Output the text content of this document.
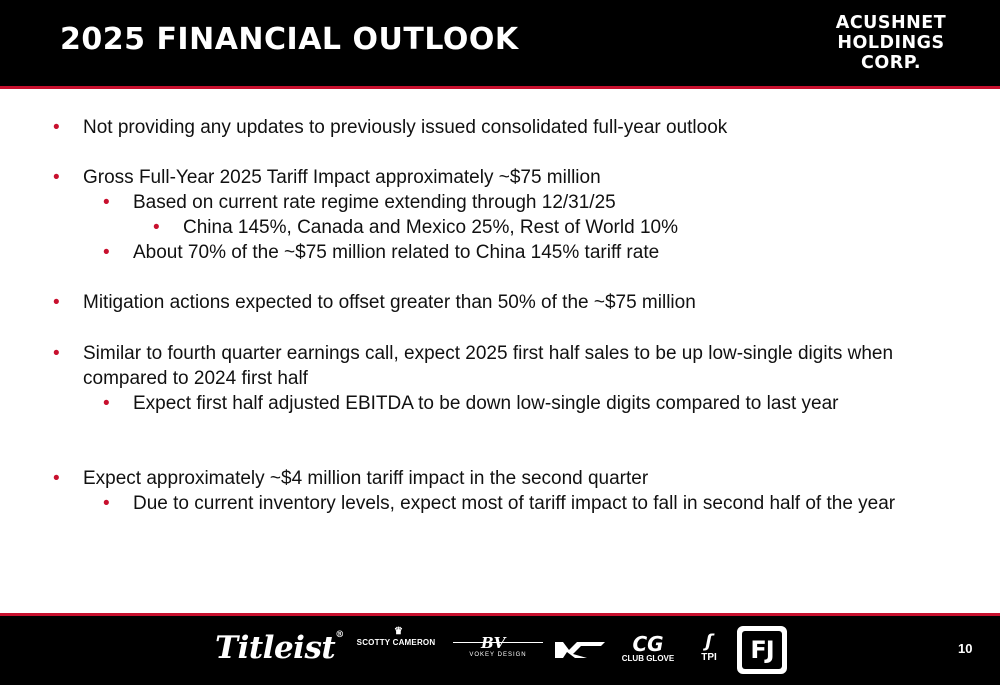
2025 FINANCIAL OUTLOOK	ACUSHNET
HOLDINGS
CORP.
• Not providing any updates to previously issued consolidated full-year outlook
• Gross Full-Year 2025 Tariff Impact approximately ~$75 million
• Based on current rate regime extending through 12/31/25
• China 145%, Canada and Mexico 25%, Rest of World 10%
• About 70% of the ~$75 million related to China 145% tariff rate
• Mitigation actions expected to offset greater than 50% of the ~$75 million
• Similar to fourth quarter earnings call, expect 2025 first half sales to be up low-single digits when compared to 2024 first half
• Expect first half adjusted EBITDA to be down low-single digits compared to last year
• Expect approximately ~$4 million tariff impact in the second quarter
• Due to current inventory levels, expect most of tariff impact to fall in second half of the year
Titleist®	♛
SCOTTY CAMERON	BV
VOKEY DESIGN	CG
CLUB GLOVE
ʃ
TPI	FJ	10
